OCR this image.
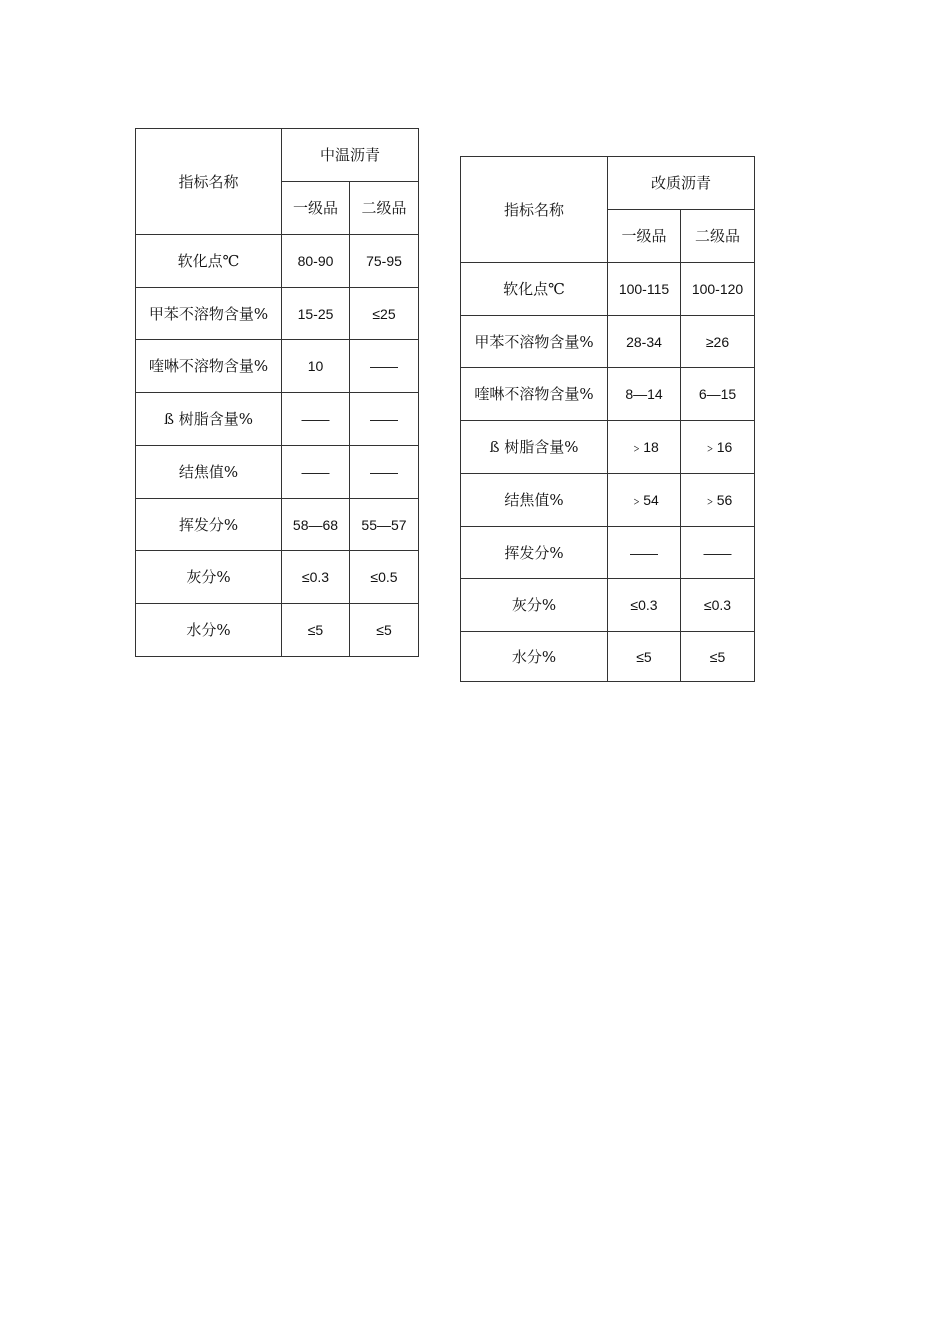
指标名称	中温沥青	
	一级品	二级品
软化点℃	80-90	75-95
甲苯不溶物含量%	15-25	≤25
喹啉不溶物含量%	10	——
ß 树脂含量%	——	——
结焦值%	——	——
挥发分%	58—68	55—57
灰分%	≤0.3	≤0.5
水分%	≤5	≤5
指标名称	改质沥青	
	一级品	二级品
软化点℃	100-115	100-120
甲苯不溶物含量%	28-34	≥26
喹啉不溶物含量%	8—14	6—15
ß 树脂含量%	﹥18	﹥16
结焦值%	﹥54	﹥56
挥发分%	——	——
灰分%	≤0.3	≤0.3
水分%	≤5	≤5
